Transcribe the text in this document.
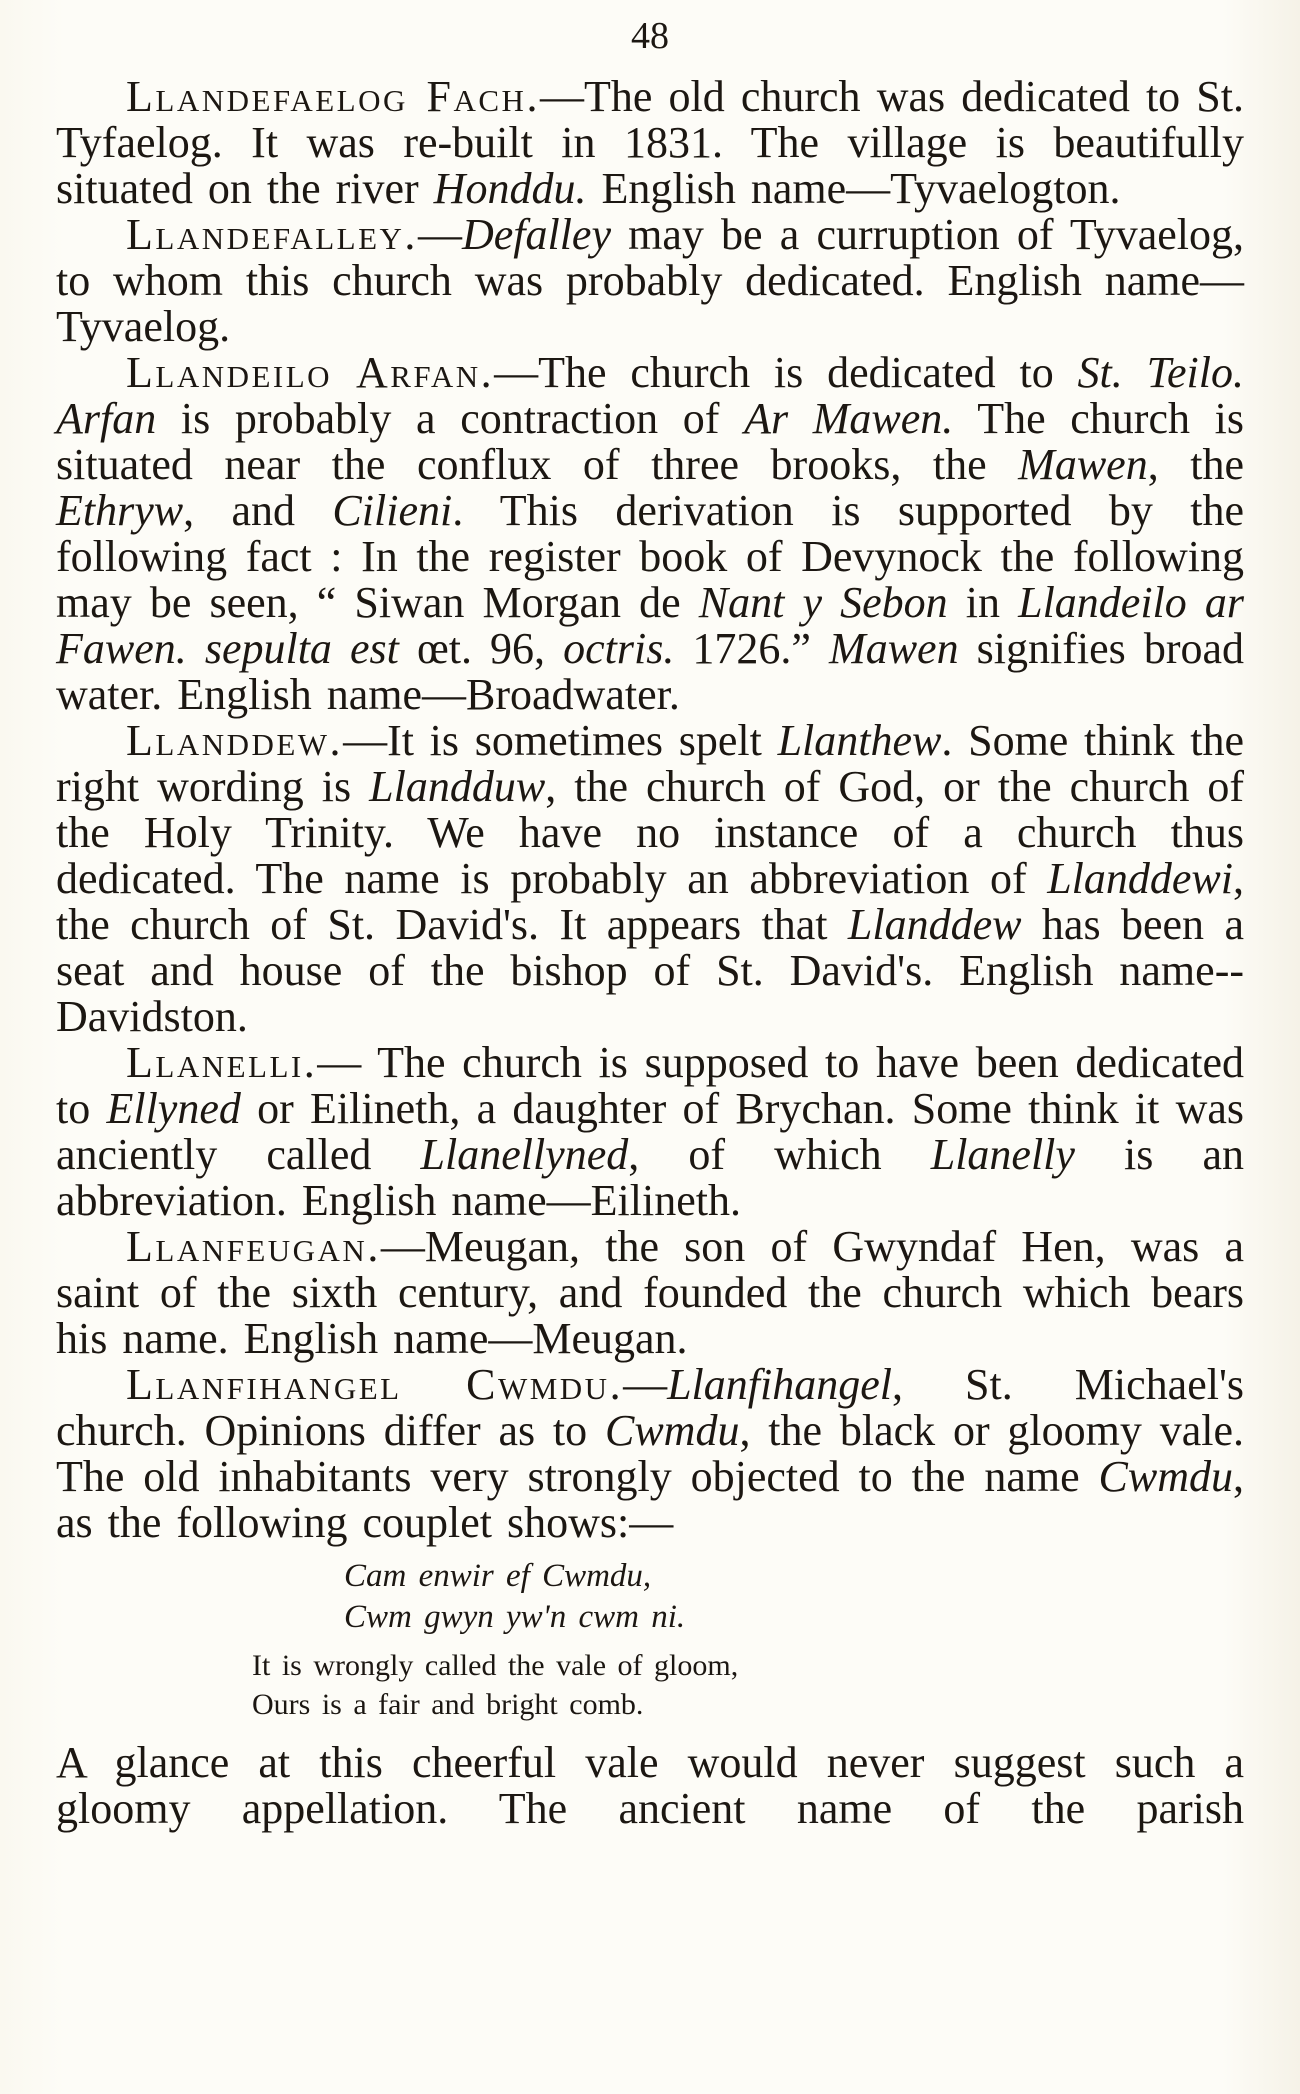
48

Llandefaelog Fach.—The old church was dedicated to St. Tyfaelog. It was re-built in 1831. The village is beautifully situated on the river Honddu. English name—Tyvaelogton.

Llandefalley.—Defalley may be a curruption of Tyvaelog, to whom this church was probably dedicated. English name—Tyvaelog.

Llandeilo Arfan.—The church is dedicated to St. Teilo. Arfan is probably a contraction of Ar Mawen. The church is situated near the conflux of three brooks, the Mawen, the Ethryw, and Cilieni. This derivation is supported by the following fact : In the register book of Devynock the following may be seen, “ Siwan Morgan de Nant y Sebon in Llandeilo ar Fawen. sepulta est œt. 96, octris. 1726.” Mawen signifies broad water. English name—Broadwater.

Llanddew.—It is sometimes spelt Llanthew. Some think the right wording is Llandduw, the church of God, or the church of the Holy Trinity. We have no instance of a church thus dedicated. The name is probably an abbreviation of Llanddewi, the church of St. David's. It appears that Llanddew has been a seat and house of the bishop of St. David's. English name--Davidston.

Llanelli.— The church is supposed to have been dedicated to Ellyned or Eilineth, a daughter of Brychan. Some think it was anciently called Llanellyned, of which Llanelly is an abbreviation. English name—Eilineth.

Llanfeugan.—Meugan, the son of Gwyndaf Hen, was a saint of the sixth century, and founded the church which bears his name. English name—Meugan.

Llanfihangel Cwmdu.—Llanfihangel, St. Michael's church. Opinions differ as to Cwmdu, the black or gloomy vale. The old inhabitants very strongly objected to the name Cwmdu, as the following couplet shows:—

Cam enwir ef Cwmdu,
Cwm gwyn yw'n cwm ni.
It is wrongly called the vale of gloom,
Ours is a fair and bright comb.

A glance at this cheerful vale would never suggest such a gloomy appellation. The ancient name of the parish
